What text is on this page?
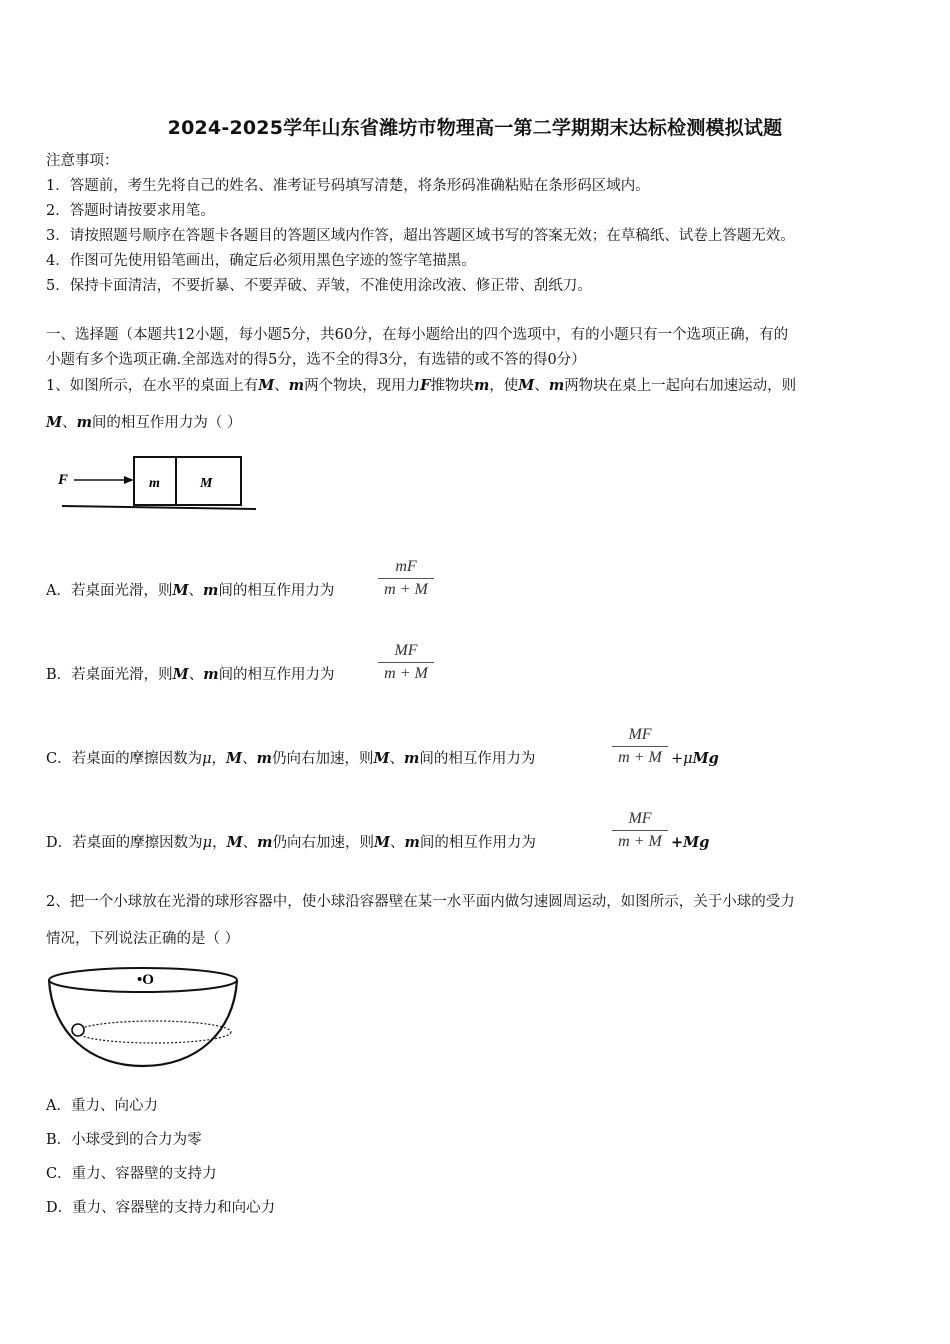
2024-2025学年山东省潍坊市物理高一第二学期期末达标检测模拟试题
注意事项：
1．答题前，考生先将自己的姓名、准考证号码填写清楚，将条形码准确粘贴在条形码区域内。
2．答题时请按要求用笔。
3．请按照题号顺序在答题卡各题目的答题区域内作答，超出答题区域书写的答案无效；在草稿纸、试卷上答题无效。
4．作图可先使用铅笔画出，确定后必须用黑色字迹的签字笔描黑。
5．保持卡面清洁，不要折暴、不要弄破、弄皱，不准使用涂改液、修正带、刮纸刀。
一、选择题（本题共12小题，每小题5分，共60分，在每小题给出的四个选项中，有的小题只有一个选项正确，有的
小题有多个选项正确.全部选对的得5分，选不全的得3分，有选错的或不答的得0分）
1、如图所示，在水平的桌面上有M、m两个物块，现用力F推物块m，使M、m两物块在桌上一起向右加速运动，则
M、m间的相互作用力为（ ）
F	m	M
A．若桌面光滑，则M、m间的相互作用力为
mF
m + M
B．若桌面光滑，则M、m间的相互作用力为
MF
m + M
C．若桌面的摩擦因数为μ，M、m仍向右加速，则M、m间的相互作用力为
MF
m + M +μMg
D．若桌面的摩擦因数为μ，M、m仍向右加速，则M、m间的相互作用力为
MF
m + M +Mg
2、把一个小球放在光滑的球形容器中，使小球沿容器壁在某一水平面内做匀速圆周运动，如图所示，关于小球的受力
情况，下列说法正确的是（ ）
•O
A．重力、向心力
B．小球受到的合力为零
C．重力、容器壁的支持力
D．重力、容器壁的支持力和向心力
